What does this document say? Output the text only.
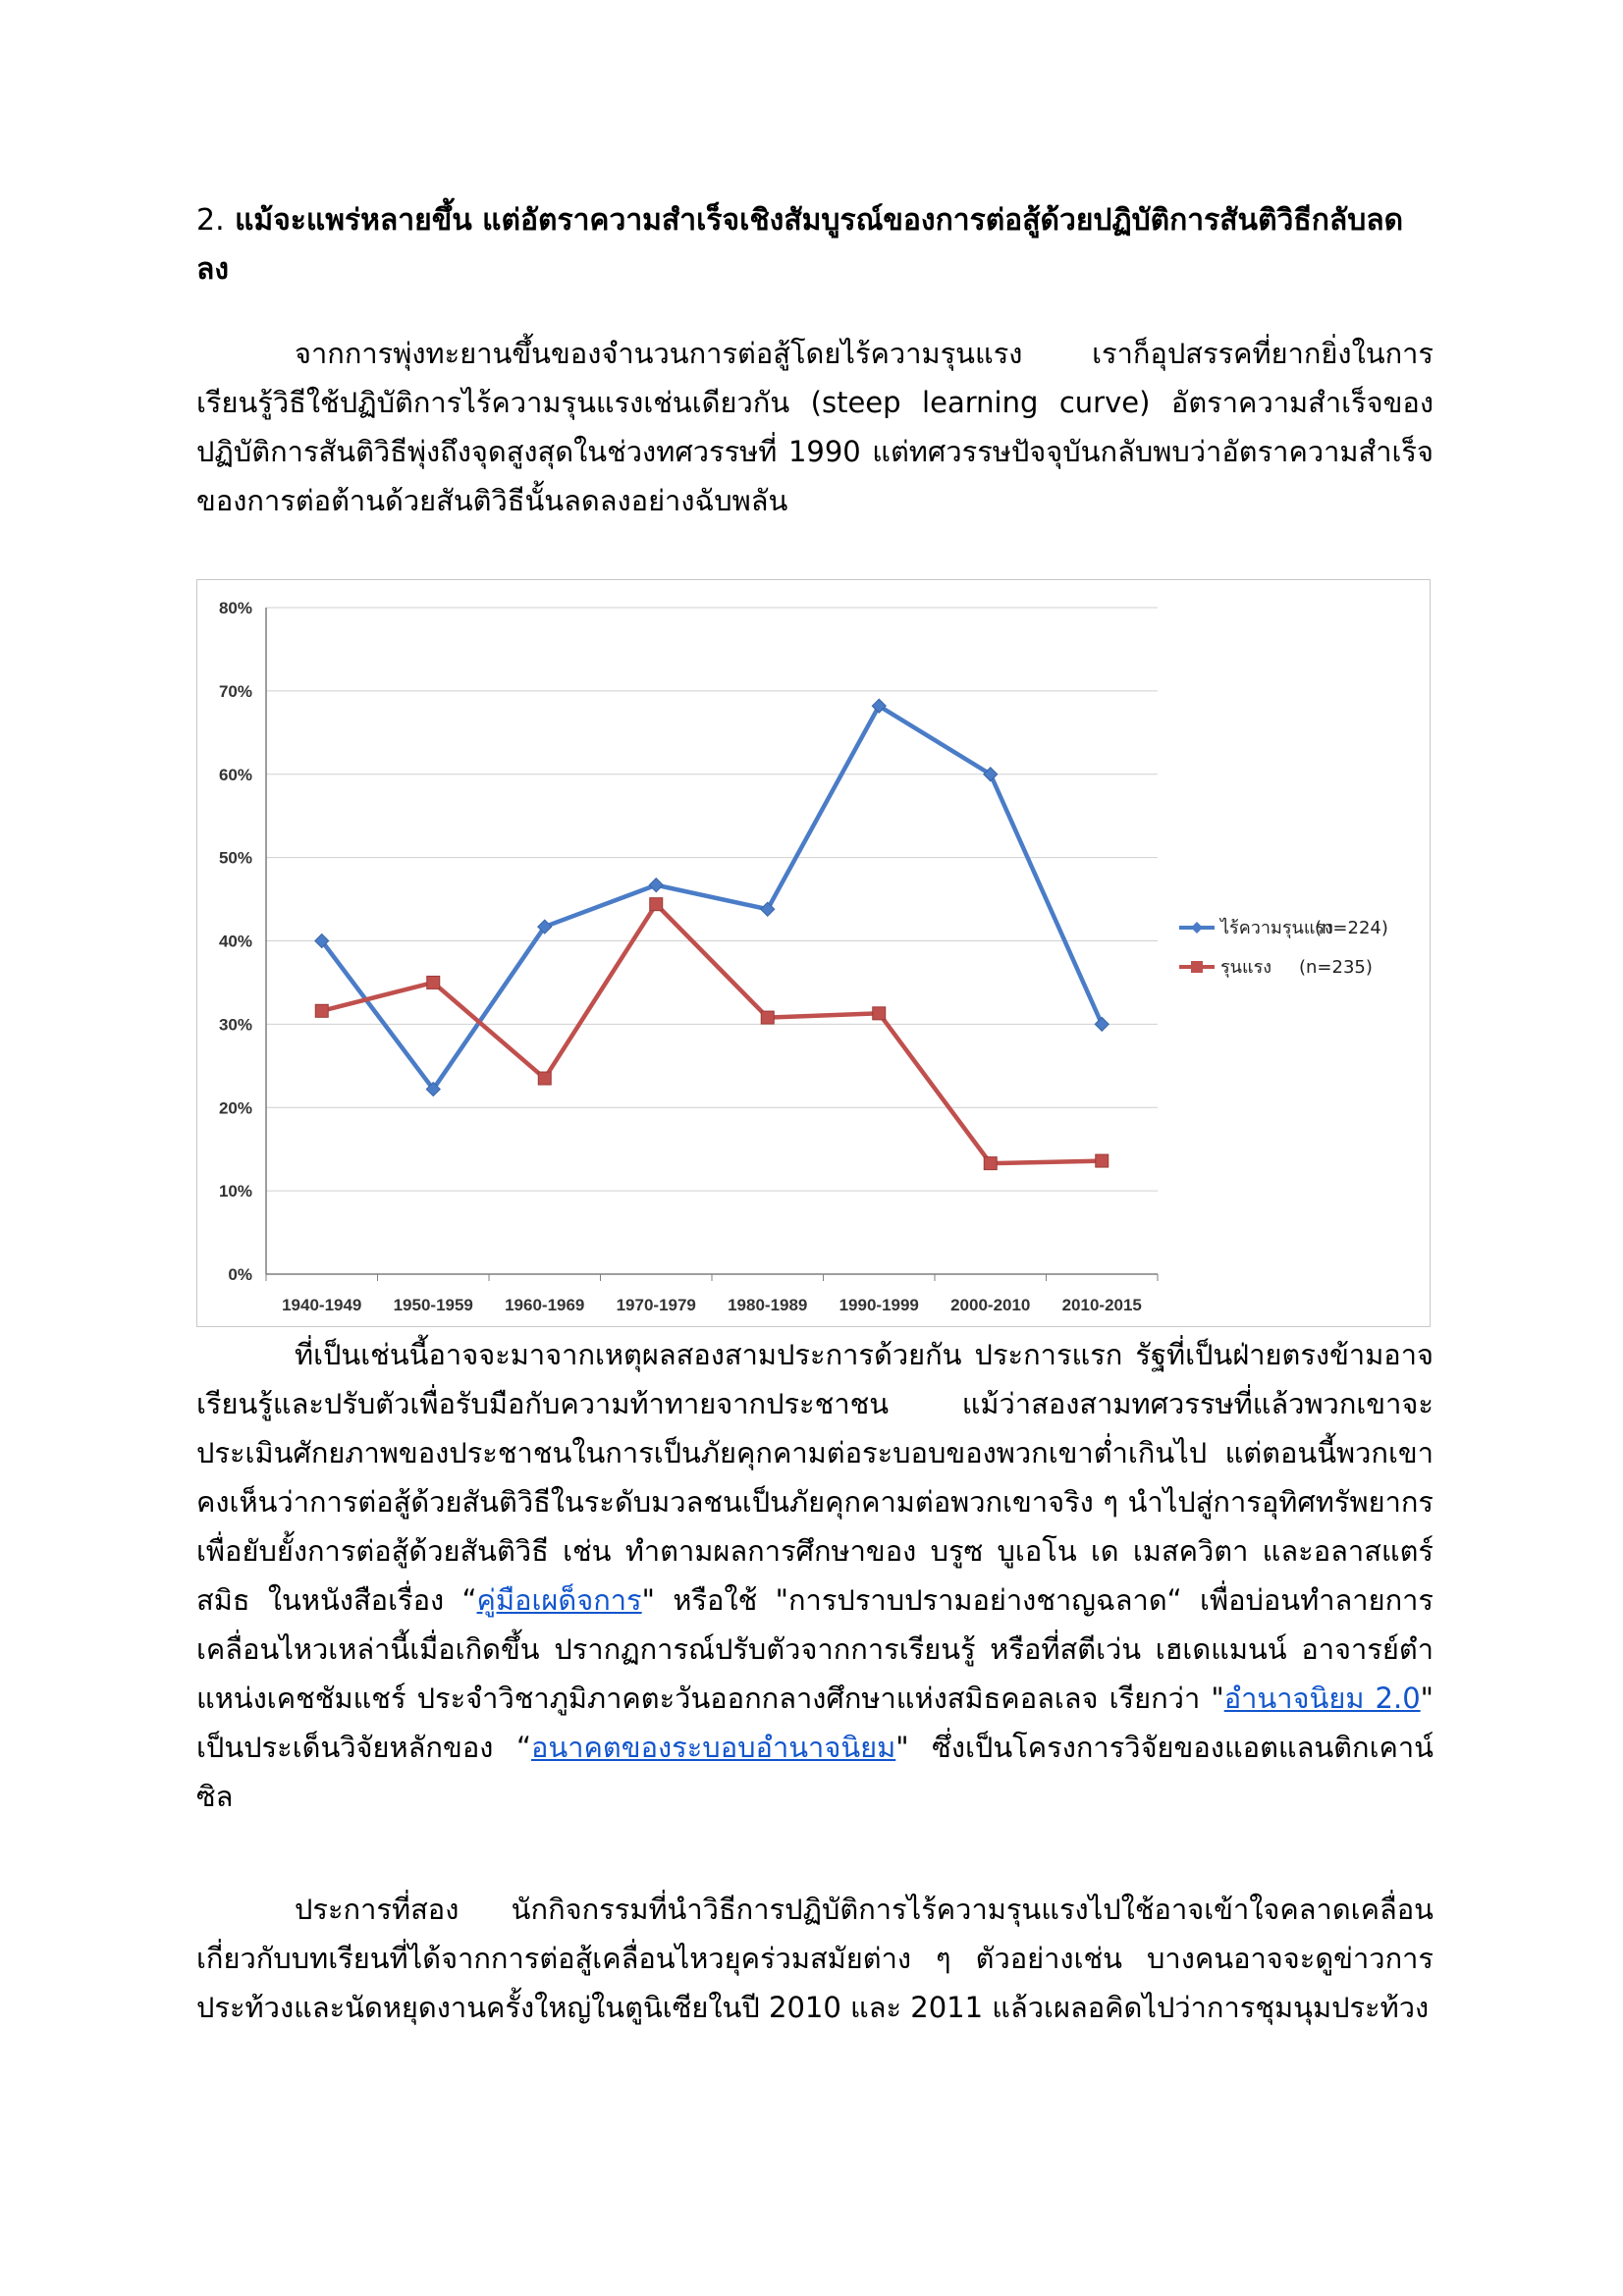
2. แม้จะแพร่หลายขึ้น แต่อัตราความสำเร็จเชิงสัมบูรณ์ของการต่อสู้ด้วยปฏิบัติการสันติวิธีกลับลดลง
จากการพุ่งทะยานขึ้นของจำนวนการต่อสู้โดยไร้ความรุนแรง เราก็อุปสรรคที่ยากยิ่งในการเรียนรู้วิธีใช้ปฏิบัติการไร้ความรุนแรงเช่นเดียวกัน (steep learning curve) อัตราความสำเร็จของปฏิบัติการสันติวิธีพุ่งถึงจุดสูงสุดในช่วงทศวรรษที่ 1990 แต่ทศวรรษปัจจุบันกลับพบว่าอัตราความสำเร็จของการต่อต้านด้วยสันติวิธีนั้นลดลงอย่างฉับพลัน
0%
10%
20%
30%
40%
50%
60%
70%
80%
1940-1949 1950-1959 1960-1969 1970-1979 1980-1989 1990-1999 2000-2010 2010-2015
ไร้ความรุนแรง
(n=224)
รุนแรง (n=235)
ที่เป็นเช่นนี้อาจจะมาจากเหตุผลสองสามประการด้วยกัน ประการแรก รัฐที่เป็นฝ่ายตรงข้ามอาจเรียนรู้และปรับตัวเพื่อรับมือกับความท้าทายจากประชาชน แม้ว่าสองสามทศวรรษที่แล้วพวกเขาจะประเมินศักยภาพของประชาชนในการเป็นภัยคุกคามต่อระบอบของพวกเขาต่ำเกินไป แต่ตอนนี้พวกเขาคงเห็นว่าการต่อสู้ด้วยสันติวิธีในระดับมวลชนเป็นภัยคุกคามต่อพวกเขาจริง ๆ นำไปสู่การอุทิศทรัพยากรเพื่อยับยั้งการต่อสู้ด้วยสันติวิธี เช่น ทำตามผลการศึกษาของ บรูซ บูเอโน เด เมสควิตา และอลาสแตร์ สมิธ ในหนังสือเรื่อง “คู่มือเผด็จการ" หรือใช้ "การปราบปรามอย่างชาญฉลาด“ เพื่อบ่อนทำลายการเคลื่อนไหวเหล่านี้เมื่อเกิดขึ้น ปรากฏการณ์ปรับตัวจากการเรียนรู้ หรือที่สตีเว่น เฮเดแมนน์ อาจารย์ตำแหน่งเคชชัมแชร์ ประจำวิชาภูมิภาคตะวันออกกลางศึกษาแห่งสมิธคอลเลจ เรียกว่า "อำนาจนิยม 2.0" เป็นประเด็นวิจัยหลักของ “อนาคตของระบอบอำนาจนิยม" ซึ่งเป็นโครงการวิจัยของแอตแลนติกเคาน์ซิล
ประการที่สอง นักกิจกรรมที่นำวิธีการปฏิบัติการไร้ความรุนแรงไปใช้อาจเข้าใจคลาดเคลื่อนเกี่ยวกับบทเรียนที่ได้จากการต่อสู้เคลื่อนไหวยุคร่วมสมัยต่าง ๆ ตัวอย่างเช่น บางคนอาจจะดูข่าวการประท้วงและนัดหยุดงานครั้งใหญ่ในตูนิเซียในปี 2010 และ 2011 แล้วเผลอคิดไปว่าการชุมนุมประท้วง
